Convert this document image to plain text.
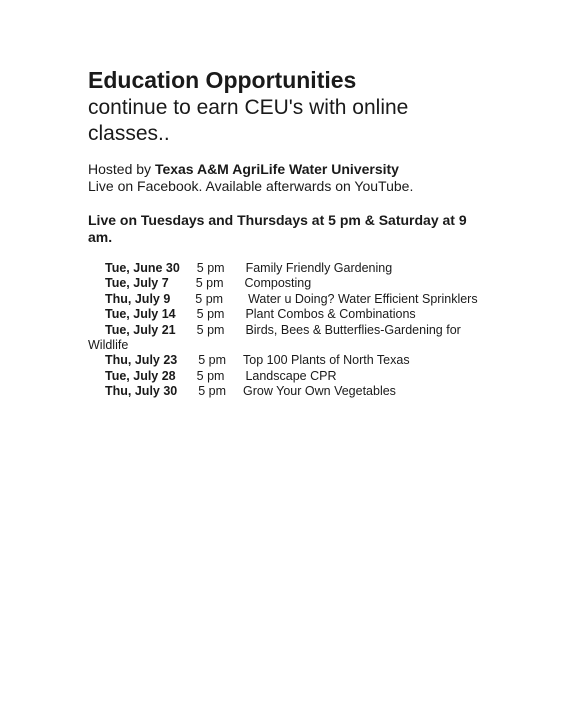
Education Opportunities

continue to earn CEU's with online classes..

Hosted by Texas A&M AgriLife Water University
Live on Facebook. Available afterwards on YouTube.
Live on Tuesdays and Thursdays at 5 pm & Saturday at 9 am.
Tue, June 30 5 pm Family Friendly Gardening
Tue, July 7 5 pm Composting
Thu, July 9 5 pm Water u Doing? Water Efficient Sprinklers
Tue, July 14 5 pm Plant Combos & Combinations
Tue, July 21 5 pm Birds, Bees & Butterflies-Gardening for Wildlife
Thu, July 23 5 pm Top 100 Plants of North Texas
Tue, July 28 5 pm Landscape CPR
Thu, July 30 5 pm Grow Your Own Vegetables
